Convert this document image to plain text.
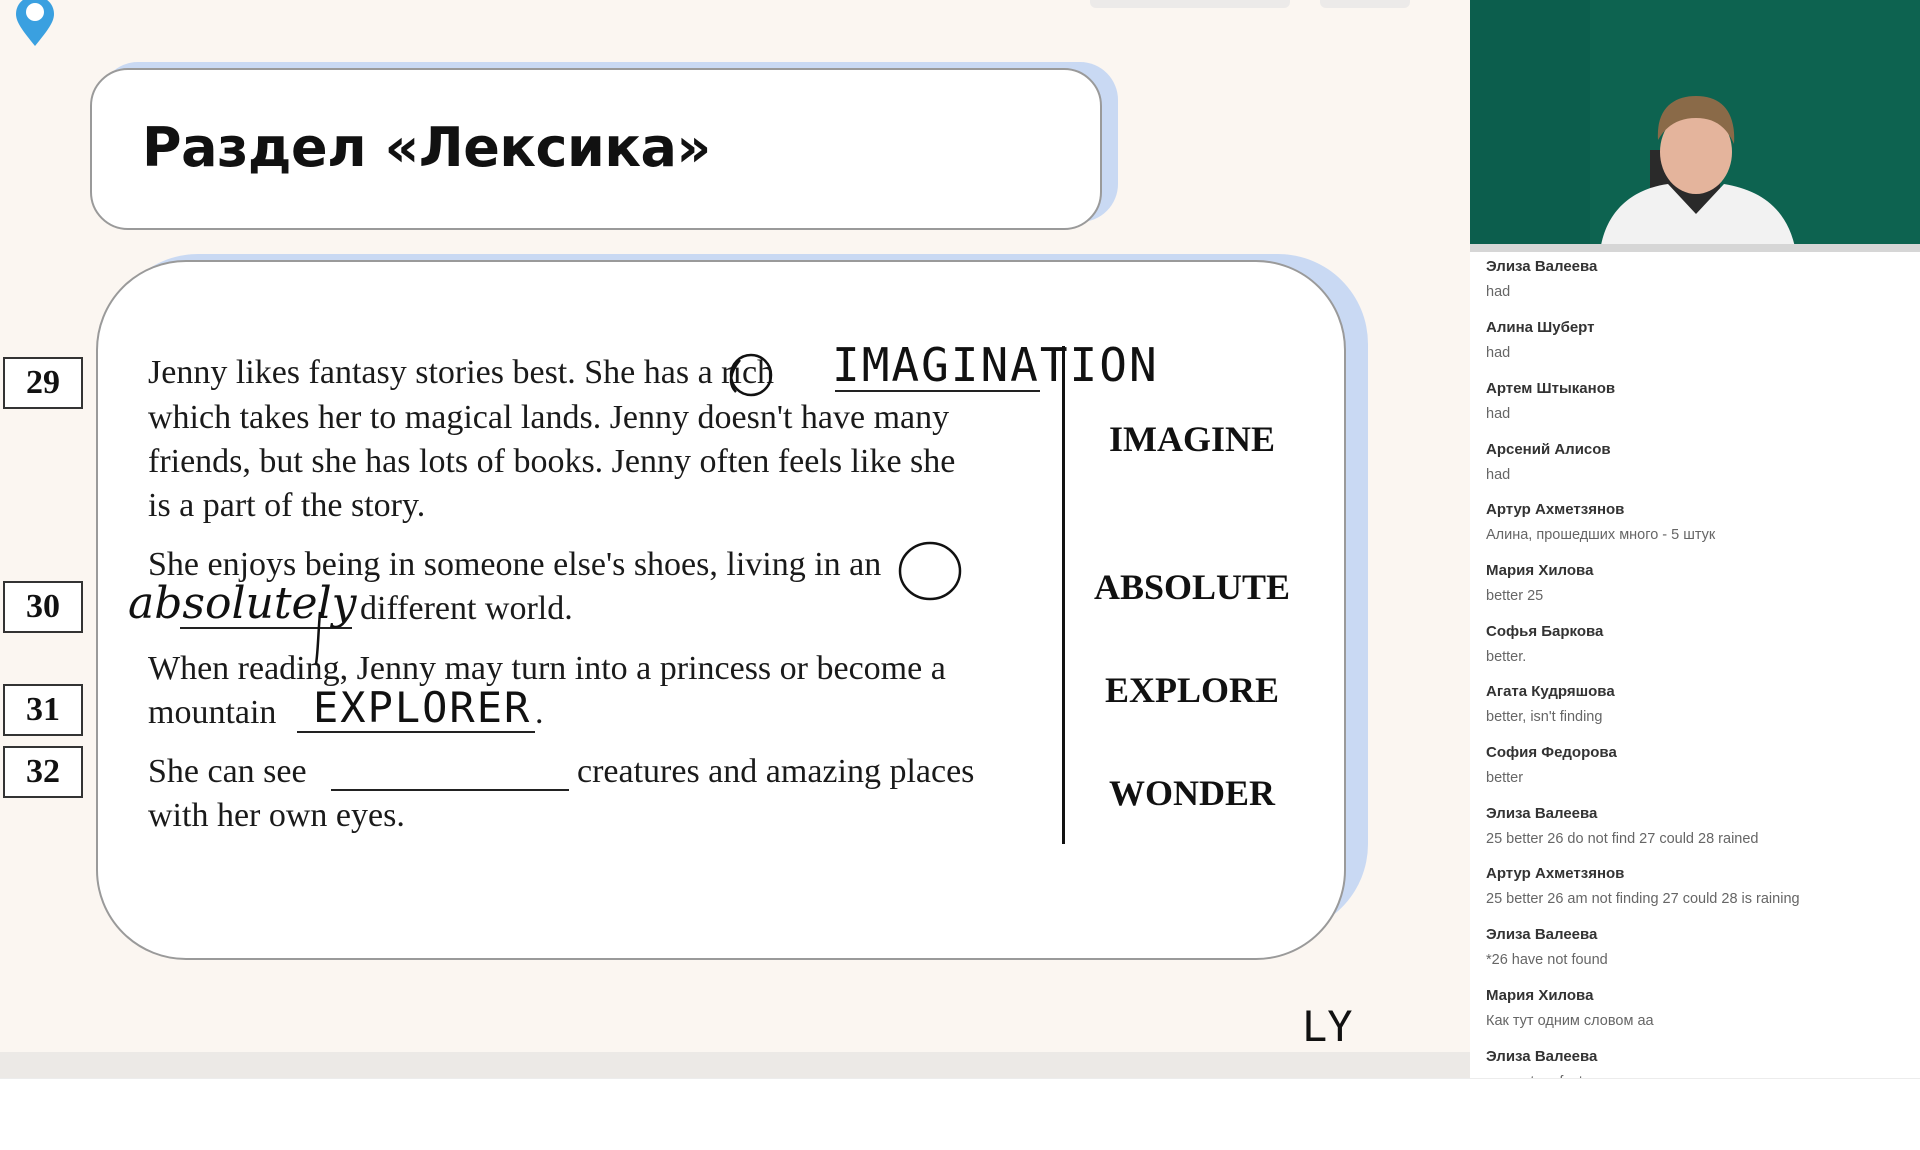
Раздел «Лексика»
29
30
31
32
Jenny likes fantasy stories best. She has a rich
which takes her to magical lands. Jenny doesn't have many
friends, but she has lots of books. Jenny often feels like she
is a part of the story.
She enjoys being in someone else's shoes, living in an
different world.
When reading, Jenny may turn into a princess or become a
mountain	.
She can see	creatures and amazing places
with her own eyes.
IMAGINE
ABSOLUTE
EXPLORE
WONDER
IMAGINATION
absolutely
EXPLORER
LY
Элиза Валеева
had
Алина Шуберт
had
Артем Штыканов
had
Арсений Алисов
had
Артур Ахметзянов
Алина, прошедших много - 5 штук
Мария Хилова
better 25
Софья Баркова
better.
Агата Кудряшова
better, isn't finding
София Федорова
better
Элиза Валеева
25 better 26 do not find 27 could 28 rained
Артур Ахметзянов
25 better 26 am not finding 27 could 28 is raining
Элиза Валеева
*26 have not found
Мария Хилова
Как тут одним словом аа
Элиза Валеева
